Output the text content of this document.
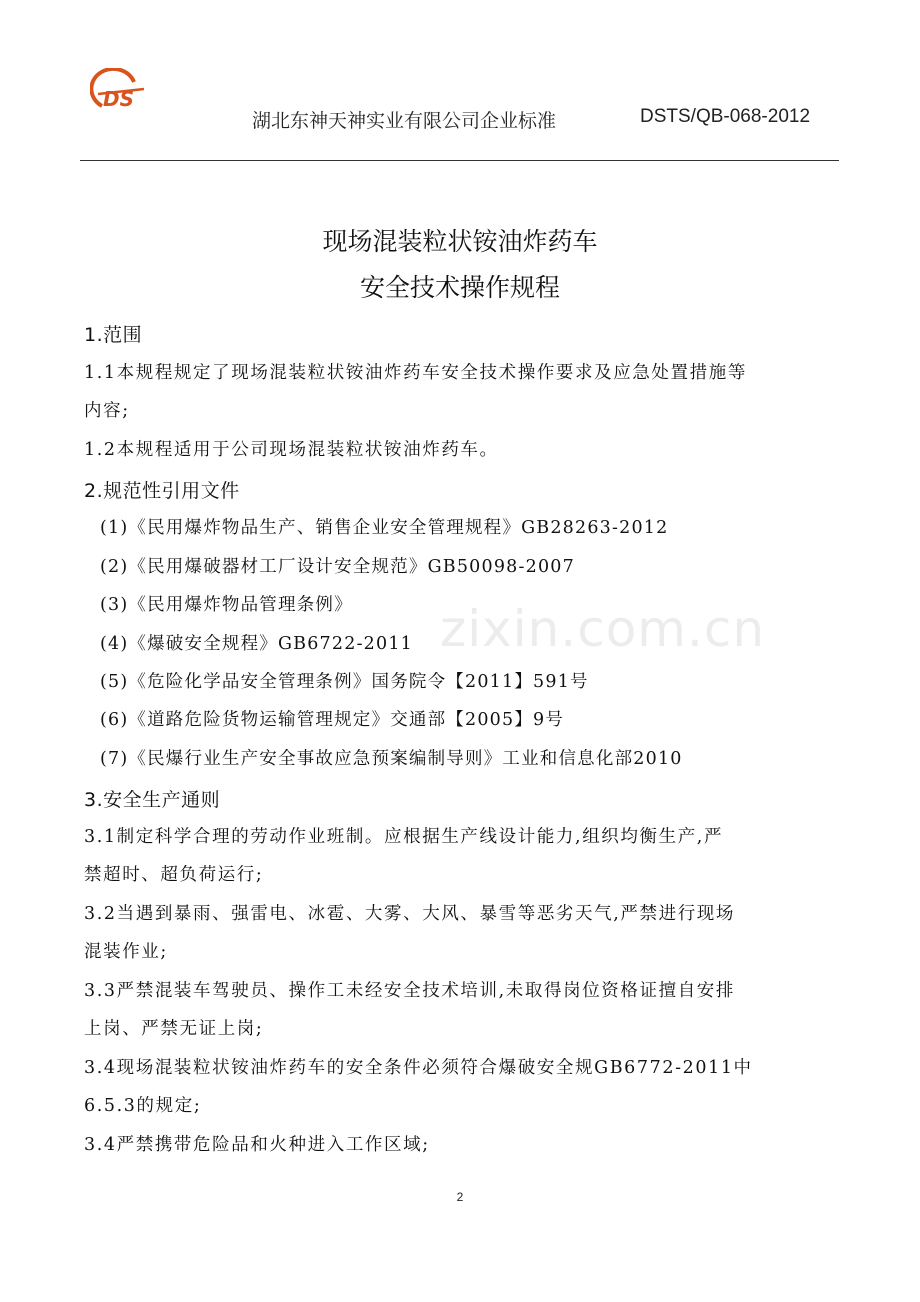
DS
湖北东神天神实业有限公司企业标准	DSTS/QB-068-2012
现场混装粒状铵油炸药车
安全技术操作规程
1.范围
1.1本规程规定了现场混装粒状铵油炸药车安全技术操作要求及应急处置措施等
内容;
1.2本规程适用于公司现场混装粒状铵油炸药车。
2.规范性引用文件
(1)《民用爆炸物品生产、销售企业安全管理规程》GB28263-2012
(2)《民用爆破器材工厂设计安全规范》GB50098-2007
(3)《民用爆炸物品管理条例》
(4)《爆破安全规程》GB6722-2011
(5)《危险化学品安全管理条例》国务院令【2011】591号
(6)《道路危险货物运输管理规定》交通部【2005】9号
(7)《民爆行业生产安全事故应急预案编制导则》工业和信息化部2010
3.安全生产通则
3.1制定科学合理的劳动作业班制。应根据生产线设计能力,组织均衡生产,严
禁超时、超负荷运行;
3.2当遇到暴雨、强雷电、冰雹、大雾、大风、暴雪等恶劣天气,严禁进行现场
混装作业;
3.3严禁混装车驾驶员、操作工未经安全技术培训,未取得岗位资格证擅自安排
上岗、严禁无证上岗;
3.4现场混装粒状铵油炸药车的安全条件必须符合爆破安全规GB6772-2011中
6.5.3的规定;
3.4严禁携带危险品和火种进入工作区域;
zixin.com.cn
2
